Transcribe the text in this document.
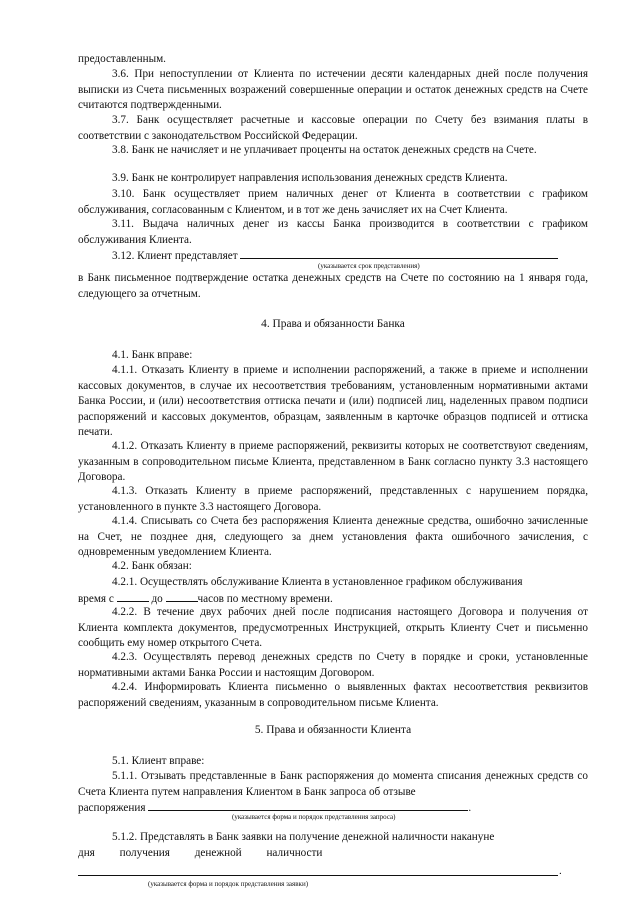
предоставленным.

3.6. При непоступлении от Клиента по истечении десяти календарных дней после получения выписки из Счета письменных возражений совершенные операции и остаток денежных средств на Счете считаются подтвержденными.

3.7. Банк осуществляет расчетные и кассовые операции по Счету без взимания платы в соответствии с законодательством Российской Федерации.

3.8. Банк не начисляет и не уплачивает проценты на остаток денежных средств на Счете.

3.9. Банк не контролирует направления использования денежных средств Клиента.

3.10. Банк осуществляет прием наличных денег от Клиента в соответствии с графиком обслуживания, согласованным с Клиентом, и в тот же день зачисляет их на Счет Клиента.

3.11. Выдача наличных денег из кассы Банка производится в соответствии с графиком обслуживания Клиента.

3.12. Клиент представляет

(указывается срок представления)

в Банк письменное подтверждение остатка денежных средств на Счете по состоянию на 1 января года, следующего за отчетным.

4. Права и обязанности Банка

4.1. Банк вправе:

4.1.1. Отказать Клиенту в приеме и исполнении распоряжений, а также в приеме и исполнении кассовых документов, в случае их несоответствия требованиям, установленным нормативными актами Банка России, и (или) несоответствия оттиска печати и (или) подписей лиц, наделенных правом подписи распоряжений и кассовых документов, образцам, заявленным в карточке образцов подписей и оттиска печати.

4.1.2. Отказать Клиенту в приеме распоряжений, реквизиты которых не соответствуют сведениям, указанным в сопроводительном письме Клиента, представленном в Банк согласно пункту 3.3 настоящего Договора.

4.1.3. Отказать Клиенту в приеме распоряжений, представленных с нарушением порядка, установленного в пункте 3.3 настоящего Договора.

4.1.4. Списывать со Счета без распоряжения Клиента денежные средства, ошибочно зачисленные на Счет, не позднее дня, следующего за днем установления факта ошибочного зачисления, с одновременным уведомлением Клиента.

4.2. Банк обязан:

4.2.1. Осуществлять обслуживание Клиента в установленное графиком обслуживания

время с	до	часов по местному времени.

4.2.2. В течение двух рабочих дней после подписания настоящего Договора и получения от Клиента комплекта документов, предусмотренных Инструкцией, открыть Клиенту Счет и письменно сообщить ему номер открытого Счета.

4.2.3. Осуществлять перевод денежных средств по Счету в порядке и сроки, установленные нормативными актами Банка России и настоящим Договором.

4.2.4. Информировать Клиента письменно о выявленных фактах несоответствия реквизитов распоряжений сведениям, указанным в сопроводительном письме Клиента.

5. Права и обязанности Клиента

5.1. Клиент вправе:

5.1.1. Отзывать представленные в Банк распоряжения до момента списания денежных средств со Счета Клиента путем направления Клиентом в Банк запроса об отзыве

распоряжения	.

(указывается форма и порядок представления запроса)

5.1.2. Представлять в Банк заявки на получение денежной наличности накануне

дня получения денежной наличности

.
(указывается форма и порядок представления заявки)
